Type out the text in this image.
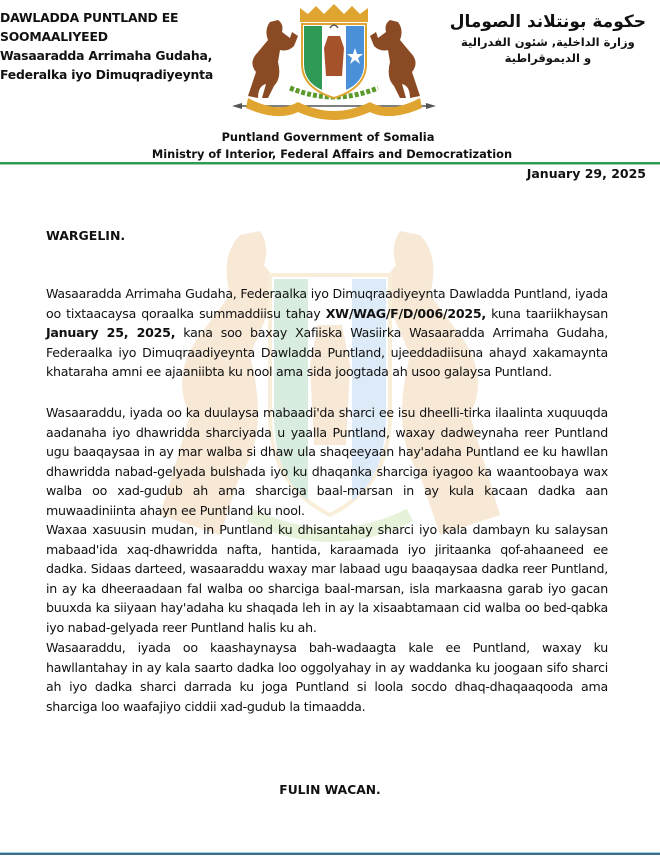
DAWLADDA PUNTLAND EE
SOOMAALIYEED
Wasaaradda Arrimaha Gudaha,
Federalka iyo Dimuqradiyeynta
حكومة بونتلاند الصومال
وزارة الداخلية, شئون الفدرالية
و الديموقراطية
Puntland Government of Somalia
Ministry of Interior, Federal Affairs and Democratization
January 29, 2025
WARGELIN.
Wasaaradda Arrimaha Gudaha, Federaalka iyo Dimuqraadiyeynta Dawladda Puntland, iyada oo tixtaacaysa qoraalka summaddiisu tahay XW/WAG/F/D/006/2025, kuna taariikhaysan January 25, 2025, kana soo baxay Xafiiska Wasiirka Wasaaradda Arrimaha Gudaha, Federaalka iyo Dimuqraadiyeynta Dawladda Puntland, ujeeddadiisuna ahayd xakamaynta khataraha amni ee ajaaniibta ku nool ama sida joogtada ah usoo galaysa Puntland.
Wasaaraddu, iyada oo ka duulaysa mabaadi'da sharci ee isu dheelli-tirka ilaalinta xuquuqda aadanaha iyo dhawridda sharciyada u yaalla Puntland, waxay dadweynaha reer Puntland ugu baaqaysaa in ay mar walba si dhaw ula shaqeeyaan hay'adaha Puntland ee ku hawllan dhawridda nabad-gelyada bulshada iyo ku dhaqanka sharciga iyagoo ka waantoobaya wax walba oo xad-gudub ah ama sharciga baal-marsan in ay kula kacaan dadka aan muwaadiniinta ahayn ee Puntland ku nool.
Waxaa xasuusin mudan, in Puntland ku dhisantahay sharci iyo kala dambayn ku salaysan mabaad'ida xaq-dhawridda nafta, hantida, karaamada iyo jiritaanka qof-ahaaneed ee dadka. Sidaas darteed, wasaaraddu waxay mar labaad ugu baaqaysaa dadka reer Puntland, in ay ka dheeraadaan fal walba oo sharciga baal-marsan, isla markaasna garab iyo gacan buuxda ka siiyaan hay'adaha ku shaqada leh in ay la xisaabtamaan cid walba oo bed-qabka iyo nabad-gelyada reer Puntland halis ku ah.
Wasaaraddu, iyada oo kaashaynaysa bah-wadaagta kale ee Puntland, waxay ku hawllantahay in ay kala saarto dadka loo oggolyahay in ay waddanka ku joogaan sifo sharci ah iyo dadka sharci darrada ku joga Puntland si loola socdo dhaq-dhaqaaqooda ama sharciga loo waafajiyo ciddii xad-gudub la timaadda.
FULIN WACAN.
